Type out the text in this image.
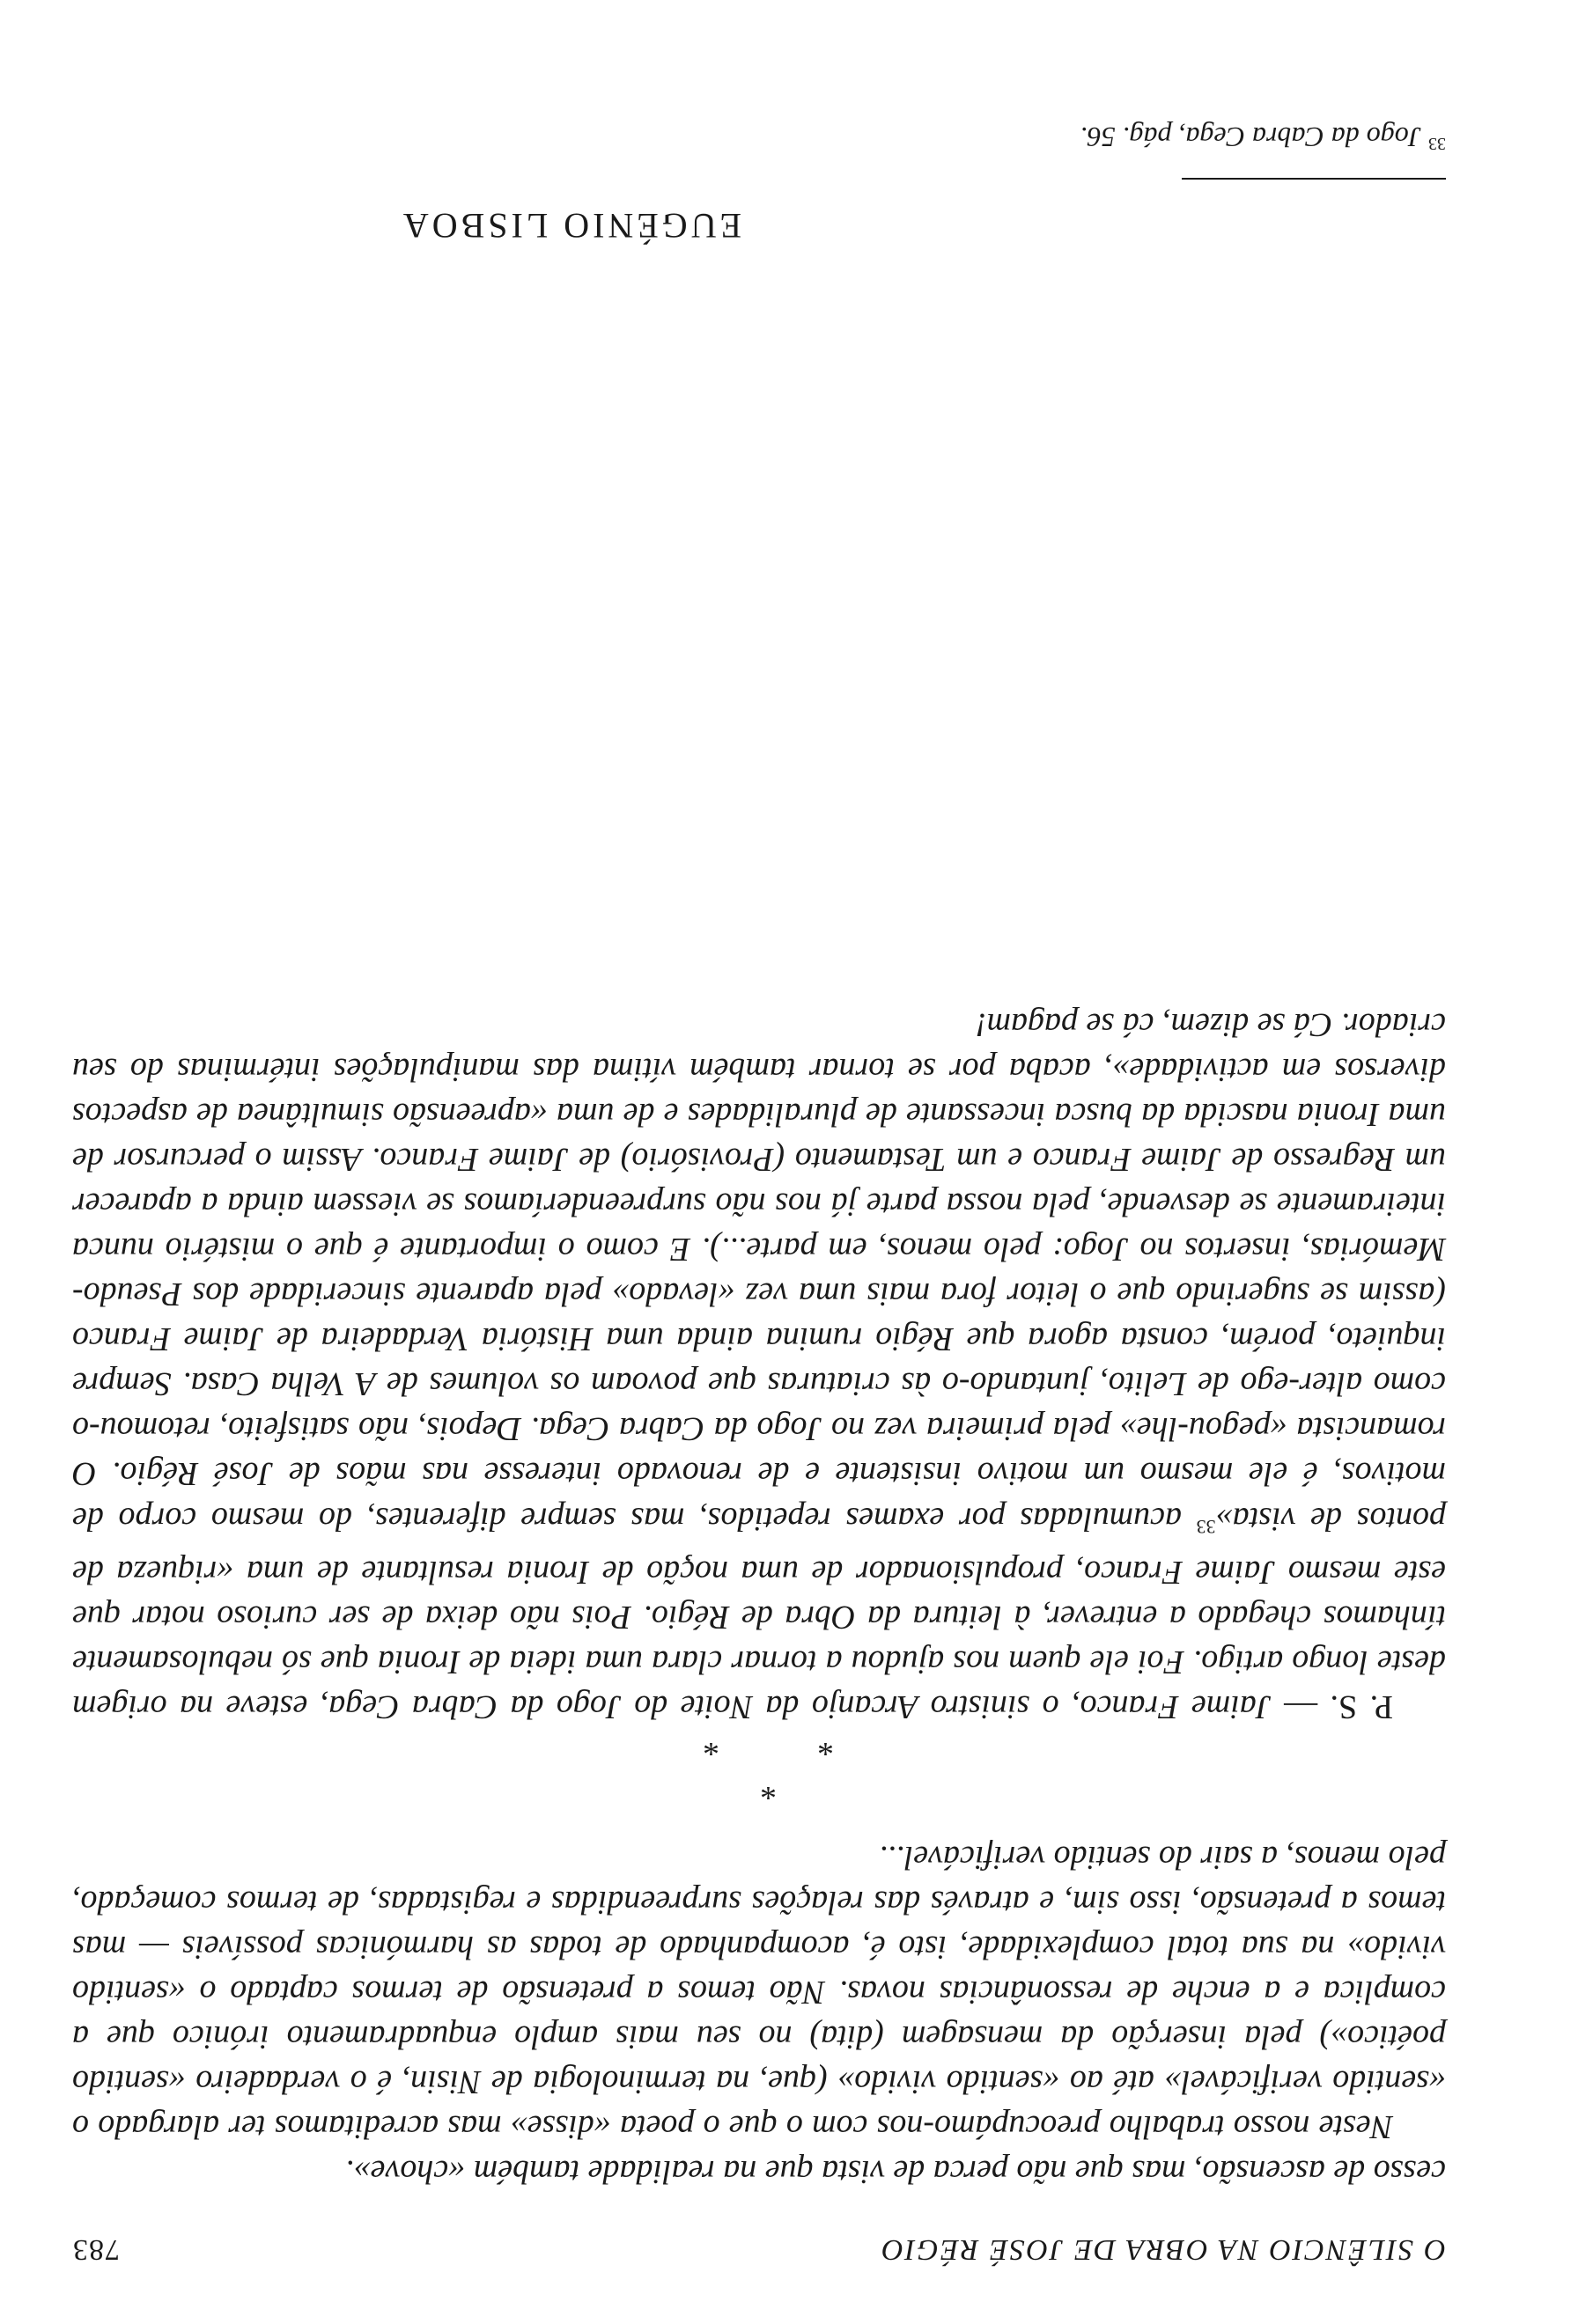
O SILÊNCIO NA OBRA DE JOSÉ RÉGIO
783

cesso de ascensão, mas que não perca de vista que na realidade também «chove».

Neste nosso trabalho preocupámo-nos com o que o poeta «disse» mas acreditamos ter alargado o «sentido verificável» até ao «sentido vivido» (que, na terminologia de Nisin, é o verdadeiro «sentido poético») pela inserção da mensagem (dita) no seu mais amplo enquadramento irónico que a complica e a enche de ressonâncias novas. Não temos a pretensão de termos captado o «sentido vivido» na sua total complexidade, isto é, acompanhado de todas as harmónicas possíveis — mas temos a pretensão, isso sim, e através das relações surpreendidas e registadas, de termos começado, pelo menos, a sair do sentido verificável...

*
*
*

P. S. — Jaime Franco, o sinistro Arcanjo da Noite do Jogo da Cabra Cega, esteve na origem deste longo artigo. Foi ele quem nos ajudou a tornar clara uma ideia de Ironia que só nebulosamente tínhamos chegado a entrever, à leitura da Obra de Régio. Pois não deixa de ser curioso notar que este mesmo Jaime Franco, propulsionador de uma noção de Ironia resultante de uma «riqueza de pontos de vista»$^{33}$ acumuladas por exames repetidos, mas sempre diferentes, do mesmo corpo de motivos, é ele mesmo um motivo insistente e de renovado interesse nas mãos de José Régio. O romancista «pegou-lhe» pela primeira vez no Jogo da Cabra Cega. Depois, não satisfeito, retomou-o como alter-ego de Lelito, juntando-o às criaturas que povoam os volumes de A Velha Casa. Sempre inquieto, porém, consta agora que Régio rumina ainda uma História Verdadeira de Jaime Franco (assim se sugerindo que o leitor fora mais uma vez «levado» pela aparente sinceridade dos Pseudo-Memórias, insertos no Jogo: pelo menos, em parte...). E como o importante é que o mistério nunca inteiramente se desvende, pela nossa parte já nos não surpreenderíamos se viessem ainda a aparecer um Regresso de Jaime Franco e um Testamento (Provisório) de Jaime Franco. Assim o percursor de uma Ironia nascida da busca incessante de pluralidades e de uma «apreensão simultânea de aspectos diversos em actividade», acaba por se tornar também vítima das manipulações intérminas do seu criador. Cá se dizem, cá se pagam!

EUGÉNIO LISBOA
$^{33}$Jogo da Cabra Cega, pág. 56.
